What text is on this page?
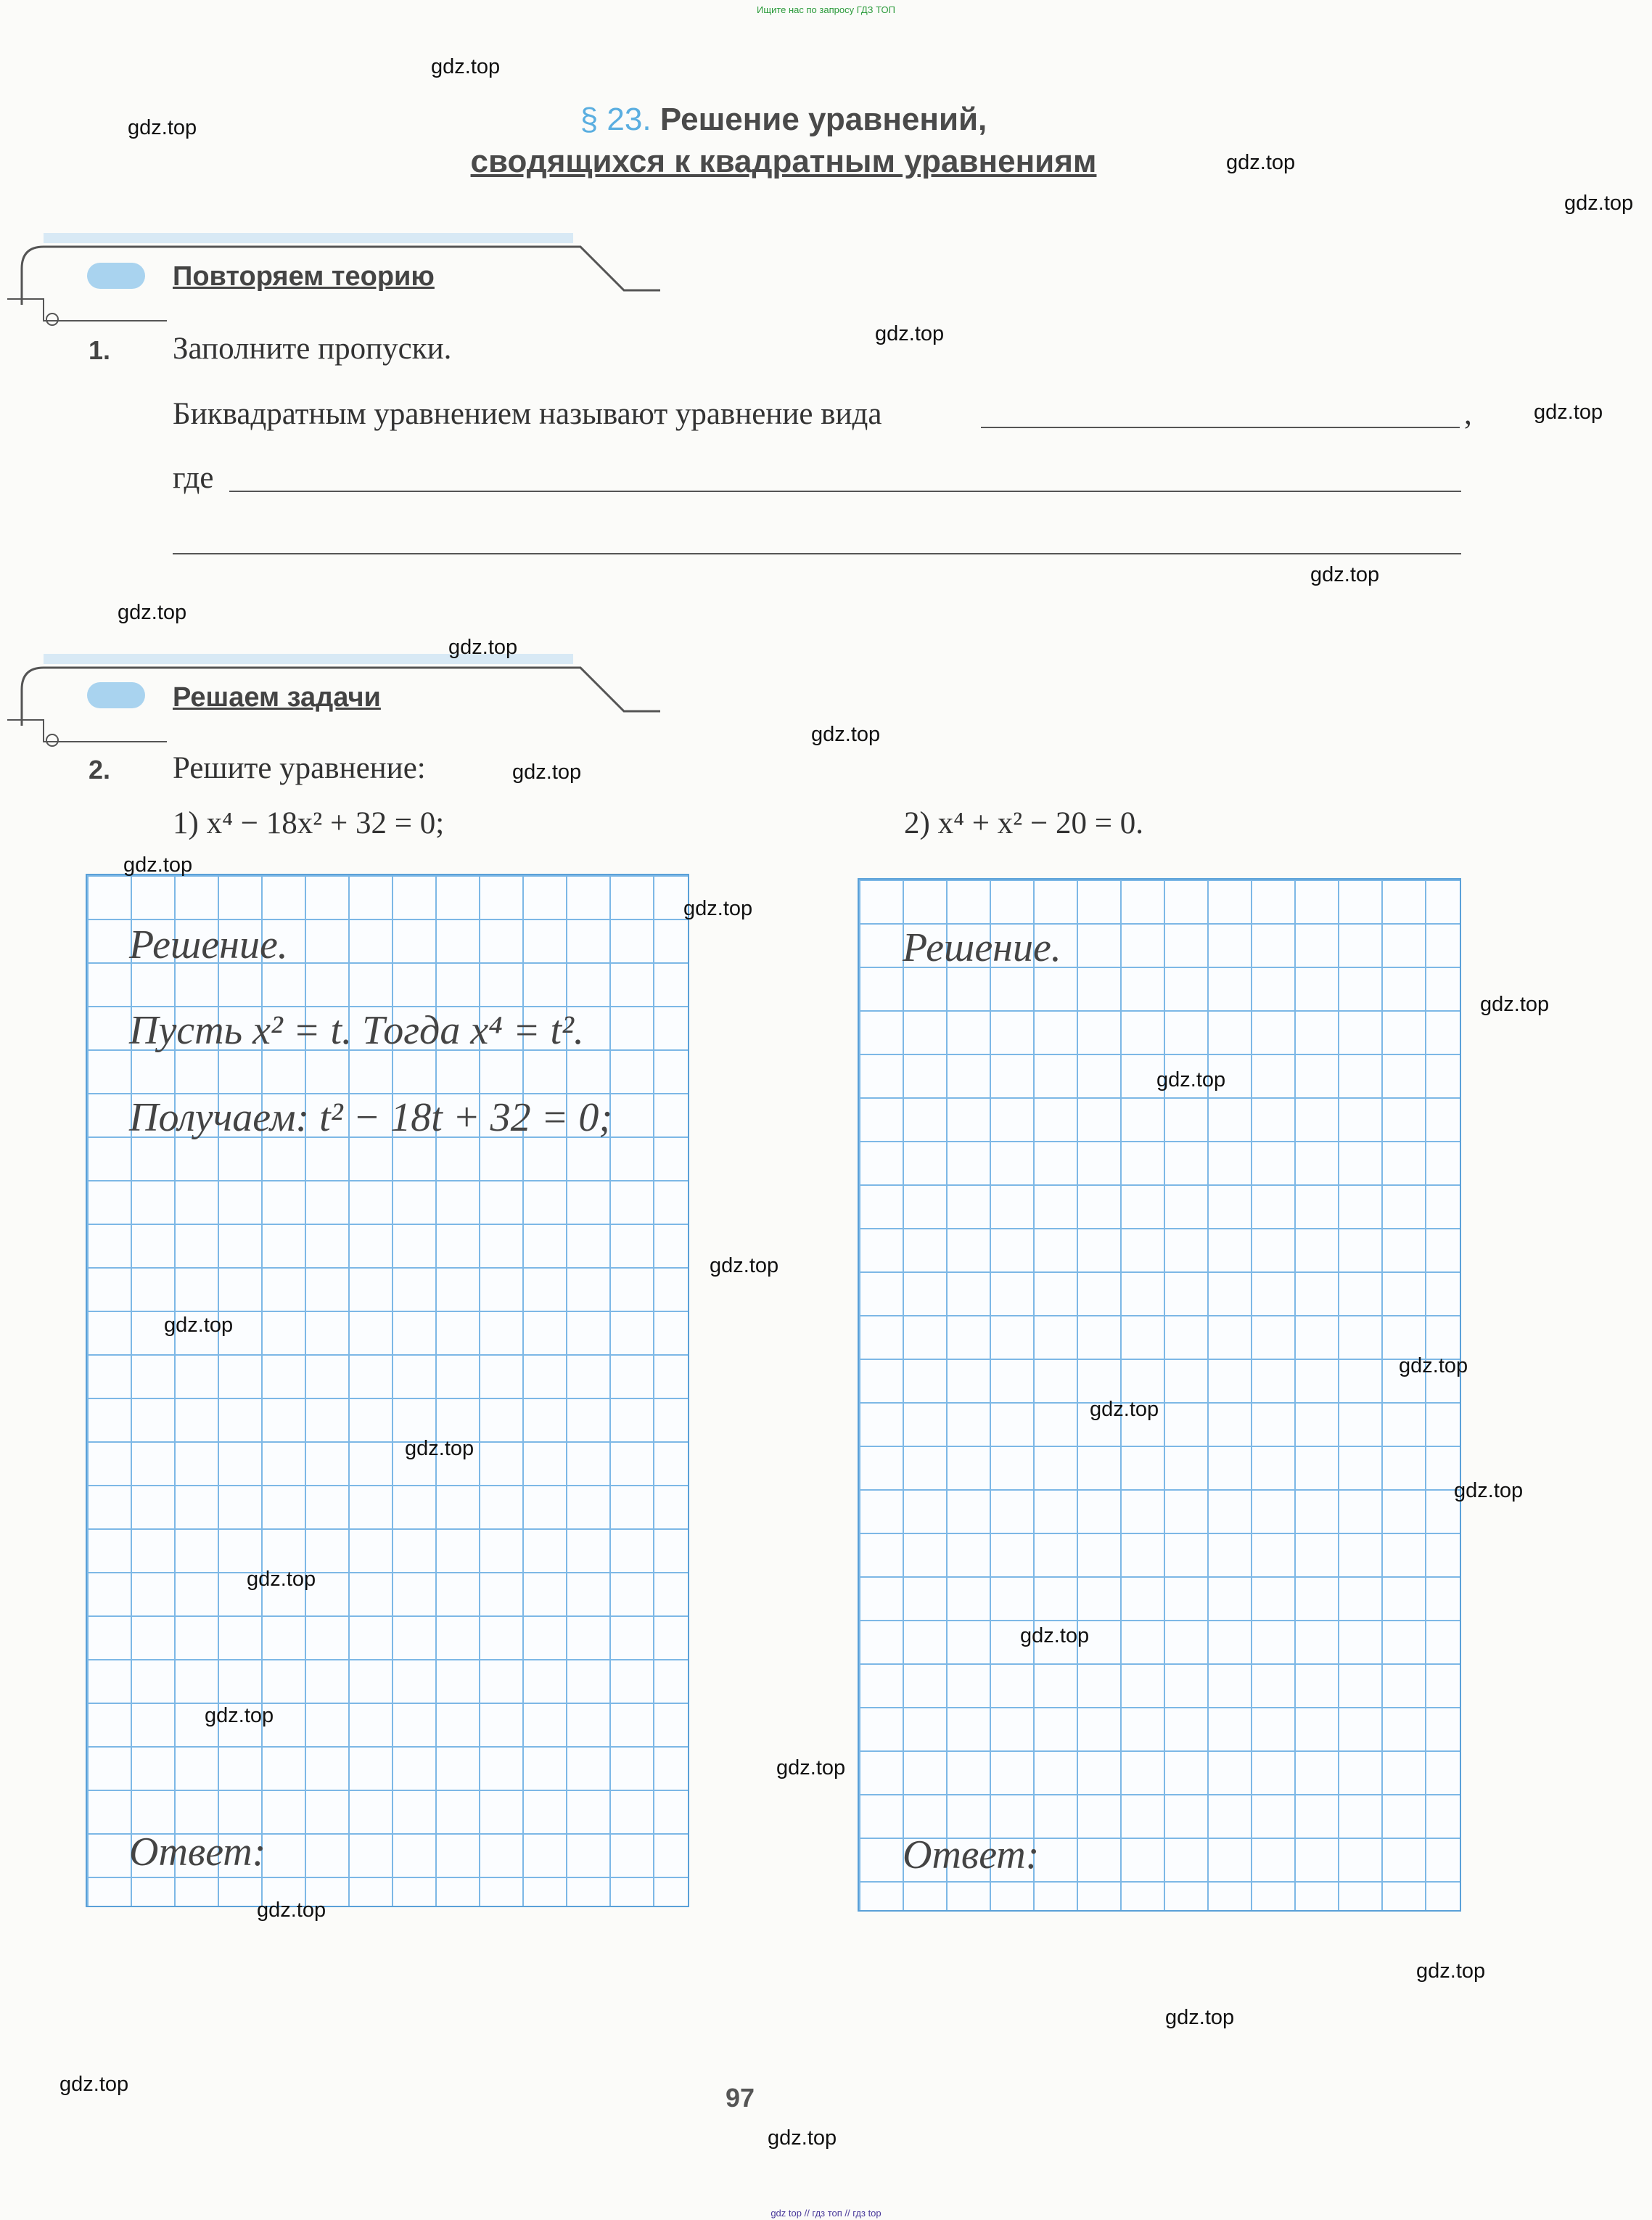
Ищите нас по запросу ГДЗ ТОП
§ 23. Решение уравнений,
сводящихся к квадратным уравнениям
Повторяем теорию
1. Заполните пропуски.
Биквадратным уравнением называют уравнение вида	,
где
Решаем задачи
2. Решите уравнение:
1) x⁴ − 18x² + 32 = 0;	2) x⁴ + x² − 20 = 0.
Решение.
Пусть x² = t. Тогда x⁴ = t².
Получаем: t² − 18t + 32 = 0;
Ответ:
Решение.
Ответ:
97
gdz.top
gdz.top
gdz.top
gdz.top
gdz.top
gdz.top
gdz.top
gdz.top
gdz.top
gdz.top
gdz.top
gdz.top
gdz.top
gdz.top
gdz.top
gdz.top
gdz.top
gdz.top
gdz.top
gdz.top
gdz.top
gdz.top
gdz.top
gdz.top
gdz.top
gdz.top
gdz.top
gdz.top
gdz.top
gdz.top
gdz top // гдз топ // гдз top
